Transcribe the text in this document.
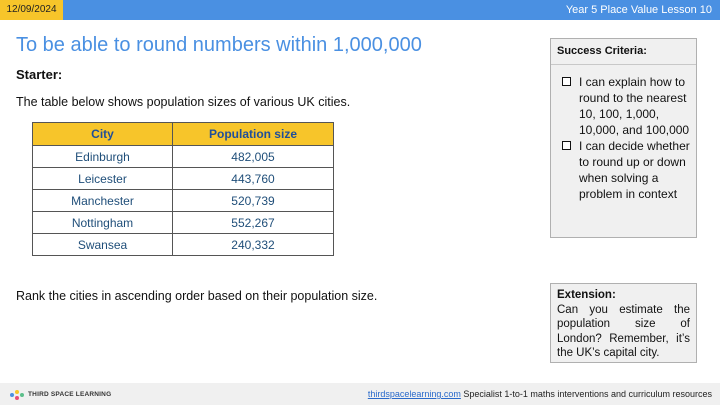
12/09/2024	Year 5 Place Value Lesson 10
To be able to round numbers within 1,000,000
Starter:
The table below shows population sizes of various UK cities.
City	Population size
Edinburgh	482,005
Leicester	443,760
Manchester	520,739
Nottingham	552,267
Swansea	240,332
Rank the cities in ascending order based on their population size.
Success Criteria:
I can explain how to round to the nearest 10, 100, 1,000, 10,000, and 100,000
I can decide whether to round up or down when solving a problem in context
Extension:
Can you estimate the population size of London? Remember, it’s the UK’s capital city.
THIRD SPACE LEARNING	thirdspacelearning.com Specialist 1-to-1 maths interventions and curriculum resources
